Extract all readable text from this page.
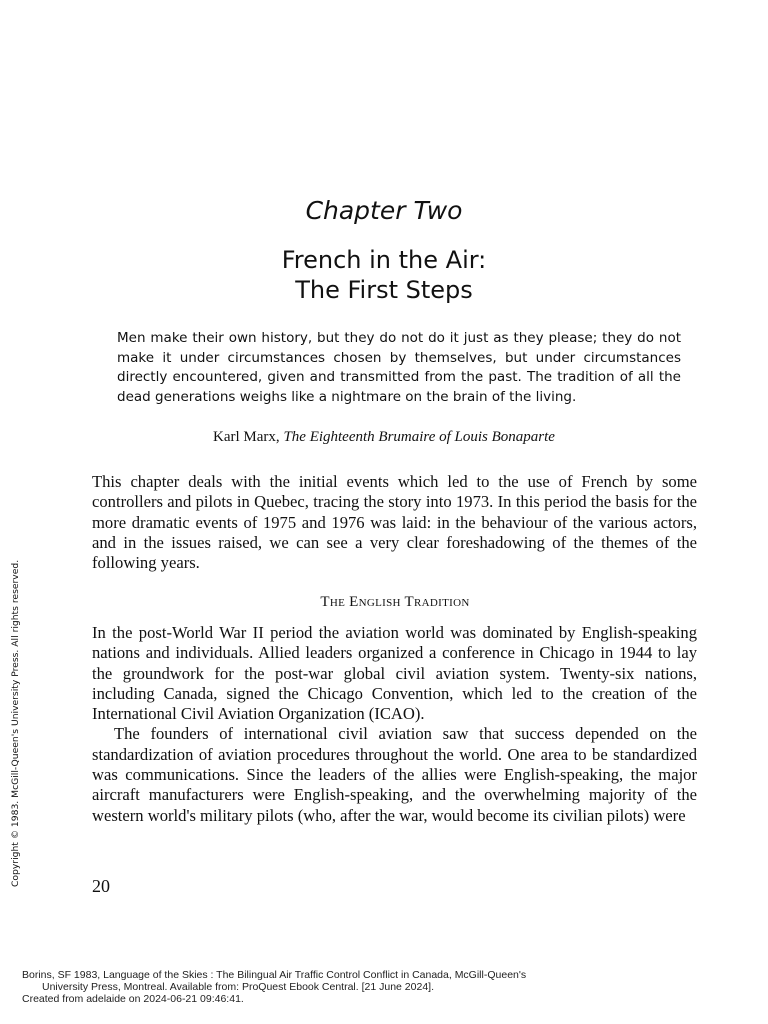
Chapter Two
French in the Air:
The First Steps
Men make their own history, but they do not do it just as they please; they do not make it under circumstances chosen by themselves, but under circumstances directly encountered, given and transmitted from the past. The tradition of all the dead generations weighs like a nightmare on the brain of the living.
Karl Marx, The Eighteenth Brumaire of Louis Bonaparte
This chapter deals with the initial events which led to the use of French by some controllers and pilots in Quebec, tracing the story into 1973. In this period the basis for the more dramatic events of 1975 and 1976 was laid: in the behaviour of the various actors, and in the issues raised, we can see a very clear foreshadowing of the themes of the following years.
The English Tradition

In the post-World War II period the aviation world was dominated by English-speaking nations and individuals. Allied leaders organized a conference in Chicago in 1944 to lay the groundwork for the post-war global civil aviation system. Twenty-six nations, including Canada, signed the Chicago Convention, which led to the creation of the International Civil Aviation Organization (ICAO).

The founders of international civil aviation saw that success depended on the standardization of aviation procedures throughout the world. One area to be standardized was communications. Since the leaders of the allies were English-speaking, the major aircraft manufacturers were English-speaking, and the overwhelming majority of the western world's military pilots (who, after the war, would become its civilian pilots) were

20
Copyright © 1983. McGill-Queen's University Press. All rights reserved.
Borins, SF 1983, Language of the Skies : The Bilingual Air Traffic Control Conflict in Canada, McGill-Queen's
University Press, Montreal. Available from: ProQuest Ebook Central. [21 June 2024].
Created from adelaide on 2024-06-21 09:46:41.
